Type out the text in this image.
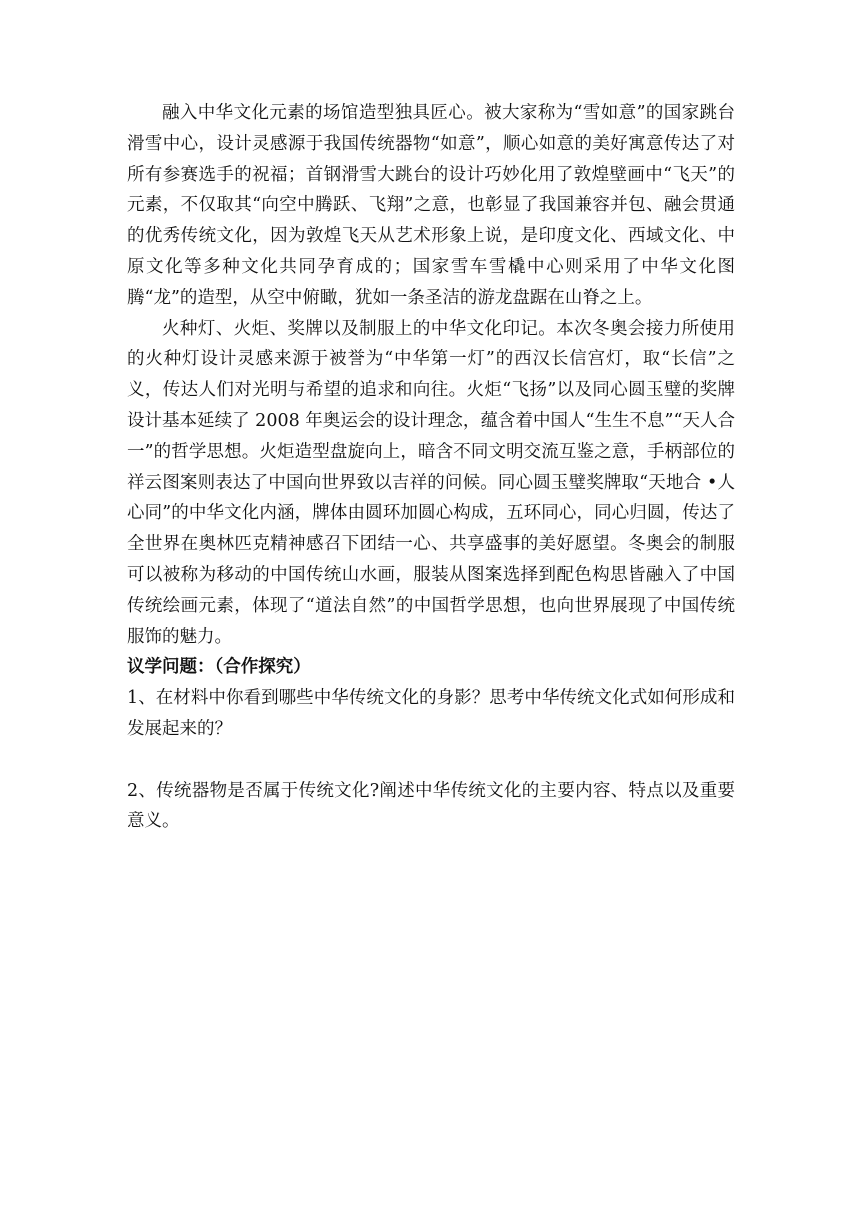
融入中华文化元素的场馆造型独具匠心。被大家称为“雪如意”的国家跳台滑雪中心，设计灵感源于我国传统器物“如意”，顺心如意的美好寓意传达了对所有参赛选手的祝福；首钢滑雪大跳台的设计巧妙化用了敦煌壁画中“飞天”的元素，不仅取其“向空中腾跃、飞翔”之意，也彰显了我国兼容并包、融会贯通的优秀传统文化，因为敦煌飞天从艺术形象上说，是印度文化、西域文化、中原文化等多种文化共同孕育成的；国家雪车雪橇中心则采用了中华文化图腾“龙”的造型，从空中俯瞰，犹如一条圣洁的游龙盘踞在山脊之上。

火种灯、火炬、奖牌以及制服上的中华文化印记。本次冬奥会接力所使用的火种灯设计灵感来源于被誉为“中华第一灯”的西汉长信宫灯，取“长信”之义，传达人们对光明与希望的追求和向往。火炬“飞扬”以及同心圆玉璧的奖牌设计基本延续了 2008 年奥运会的设计理念，蕴含着中国人“生生不息”“天人合一”的哲学思想。火炬造型盘旋向上，暗含不同文明交流互鉴之意，手柄部位的祥云图案则表达了中国向世界致以吉祥的问候。同心圆玉璧奖牌取“天地合 •人心同”的中华文化内涵，牌体由圆环加圆心构成，五环同心，同心归圆，传达了全世界在奥林匹克精神感召下团结一心、共享盛事的美好愿望。冬奥会的制服可以被称为移动的中国传统山水画，服装从图案选择到配色构思皆融入了中国传统绘画元素，体现了“道法自然”的中国哲学思想，也向世界展现了中国传统服饰的魅力。

议学问题：（合作探究）

1、在材料中你看到哪些中华传统文化的身影？思考中华传统文化式如何形成和发展起来的？

2、传统器物是否属于传统文化?阐述中华传统文化的主要内容、特点以及重要意义。
